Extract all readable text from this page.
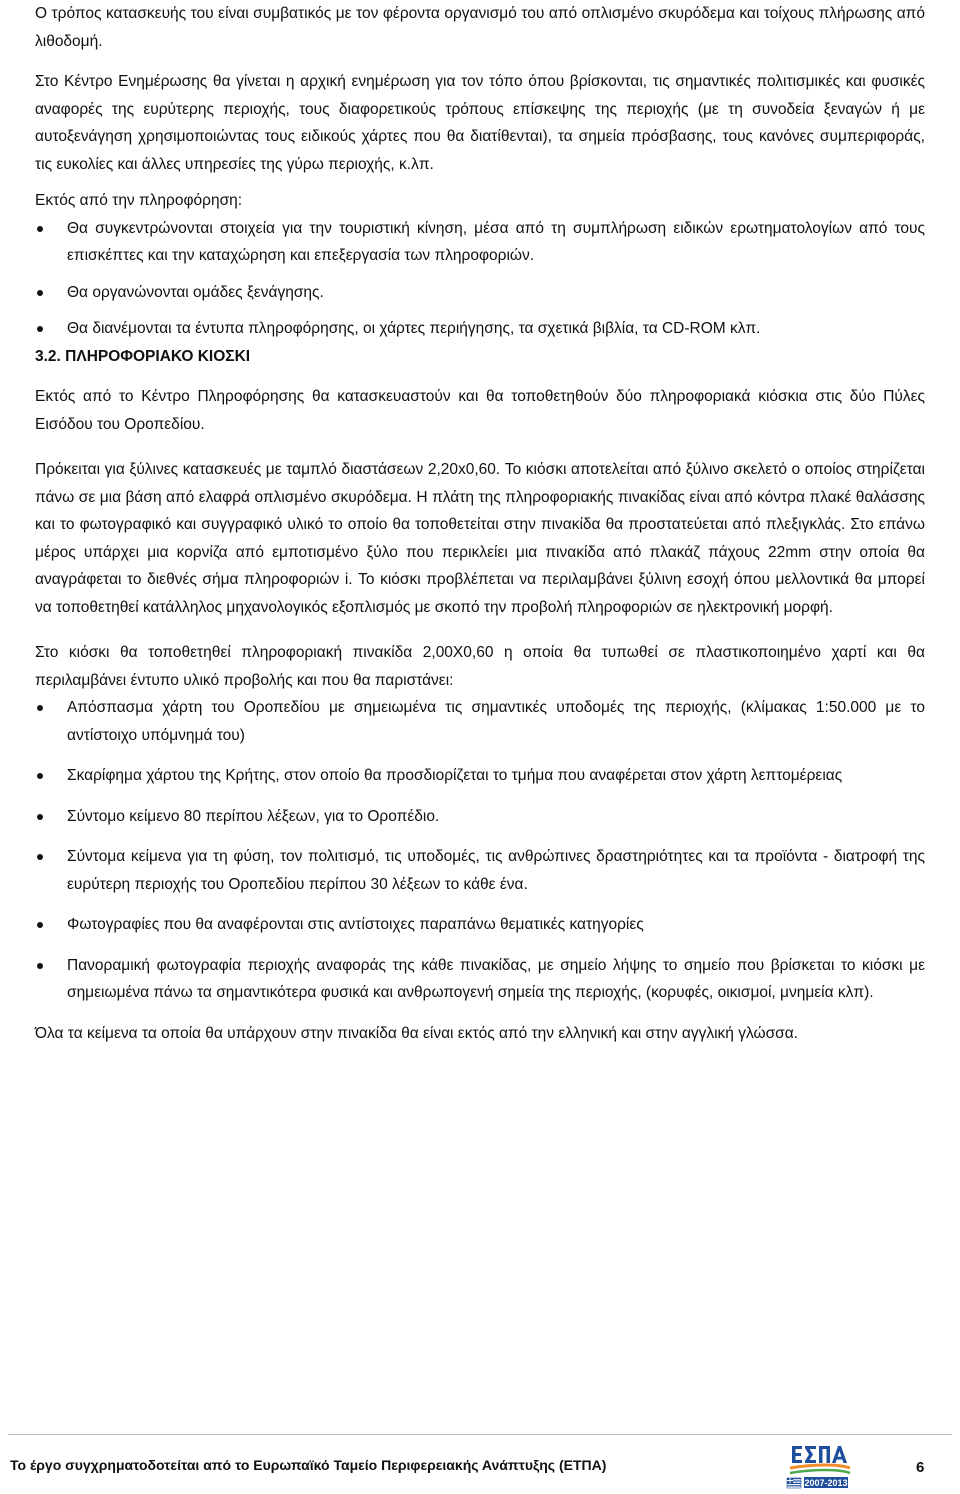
Ο τρόπος κατασκευής του είναι συμβατικός με τον φέροντα οργανισμό του από οπλισμένο σκυρόδεμα και τοίχους πλήρωσης από λιθοδομή.

Στο Κέντρο Ενημέρωσης θα γίνεται η αρχική ενημέρωση για τον τόπο όπου βρίσκονται, τις σημαντικές πολιτισμικές και φυσικές αναφορές της ευρύτερης περιοχής, τους διαφορετικούς τρόπους επίσκεψης της περιοχής (με τη συνοδεία ξεναγών ή με αυτοξενάγηση χρησιμοποιώντας τους ειδικούς χάρτες που θα διατίθενται), τα σημεία πρόσβασης, τους κανόνες συμπεριφοράς, τις ευκολίες και άλλες υπηρεσίες της γύρω περιοχής, κ.λπ.

Εκτός από την πληροφόρηση:

Θα συγκεντρώνονται στοιχεία για την τουριστική κίνηση, μέσα από τη συμπλήρωση ειδικών ερωτηματολογίων από τους επισκέπτες και την καταχώρηση και επεξεργασία των πληροφοριών.
Θα οργανώνονται ομάδες ξενάγησης.
Θα διανέμονται τα έντυπα πληροφόρησης, οι χάρτες περιήγησης, τα σχετικά βιβλία, τα CD-ROM κλπ.

3.2. ΠΛΗΡΟΦΟΡΙΑΚΟ ΚΙΟΣΚΙ

Εκτός από το Κέντρο Πληροφόρησης θα κατασκευαστούν και θα τοποθετηθούν δύο πληροφοριακά κιόσκια στις δύο Πύλες Εισόδου του Οροπεδίου.

Πρόκειται για ξύλινες κατασκευές με ταμπλό διαστάσεων 2,20x0,60. Το κιόσκι αποτελείται από ξύλινο σκελετό ο οποίος στηρίζεται πάνω σε μια βάση από ελαφρά οπλισμένο σκυρόδεμα. Η πλάτη της πληροφοριακής πινακίδας είναι από κόντρα πλακέ θαλάσσης και το φωτογραφικό και συγγραφικό υλικό το οποίο θα τοποθετείται στην πινακίδα θα προστατεύεται από πλεξιγκλάς. Στο επάνω μέρος υπάρχει μια κορνίζα από εμποτισμένο ξύλο που περικλείει μια πινακίδα από πλακάζ πάχους 22mm στην οποία θα αναγράφεται το διεθνές σήμα πληροφοριών i. Το κιόσκι προβλέπεται να περιλαμβάνει ξύλινη εσοχή όπου μελλοντικά θα μπορεί να τοποθετηθεί κατάλληλος μηχανολογικός εξοπλισμός με σκοπό την προβολή πληροφοριών σε ηλεκτρονική μορφή.

Στο κιόσκι θα τοποθετηθεί πληροφοριακή πινακίδα 2,00Χ0,60 η οποία θα τυπωθεί σε πλαστικοποιημένο χαρτί και θα περιλαμβάνει έντυπο υλικό προβολής και που θα παριστάνει:

Απόσπασμα χάρτη του Οροπεδίου με σημειωμένα τις σημαντικές υποδομές της περιοχής, (κλίμακας 1:50.000 με το αντίστοιχο υπόμνημά του)
Σκαρίφημα χάρτου της Κρήτης, στον οποίο θα προσδιορίζεται το τμήμα που αναφέρεται στον χάρτη λεπτομέρειας
Σύντομο κείμενο 80 περίπου λέξεων, για το Οροπέδιο.
Σύντομα κείμενα για τη φύση, τον πολιτισμό, τις υποδομές, τις ανθρώπινες δραστηριότητες και τα προϊόντα - διατροφή της ευρύτερη περιοχής του Οροπεδίου περίπου 30 λέξεων το κάθε ένα.
Φωτογραφίες που θα αναφέρονται στις αντίστοιχες παραπάνω θεματικές κατηγορίες
Πανοραμική φωτογραφία περιοχής αναφοράς της κάθε πινακίδας, με σημείο λήψης το σημείο που βρίσκεται το κιόσκι με σημειωμένα πάνω τα σημαντικότερα φυσικά και ανθρωπογενή σημεία της περιοχής, (κορυφές, οικισμοί, μνημεία κλπ).

Όλα τα κείμενα τα οποία θα υπάρχουν στην πινακίδα θα είναι εκτός από την ελληνική και στην αγγλική γλώσσα.

Το έργο συγχρηματοδοτείται από το Ευρωπαϊκό Ταμείο Περιφερειακής Ανάπτυξης (ΕΤΠΑ)
2007-2013
6
